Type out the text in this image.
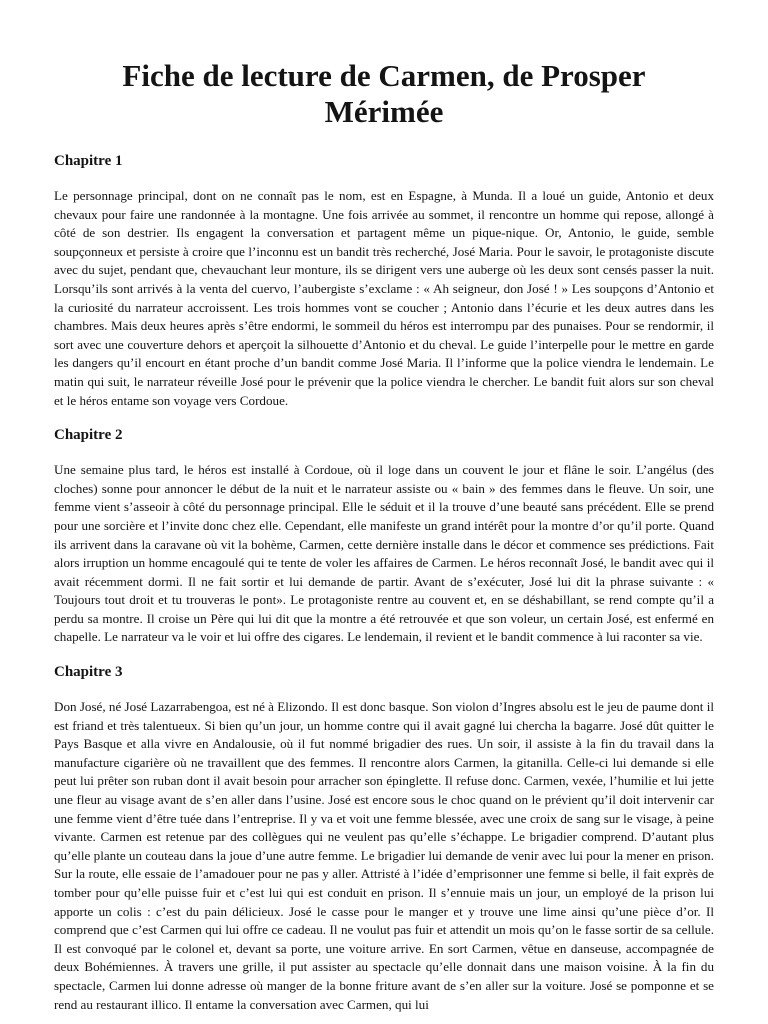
Fiche de lecture de Carmen, de Prosper Mérimée
Chapitre 1

Le personnage principal, dont on ne connaît pas le nom, est en Espagne, à Munda. Il a loué un guide, Antonio et deux chevaux pour faire une randonnée à la montagne. Une fois arrivée au sommet, il rencontre un homme qui repose, allongé à côté de son destrier. Ils engagent la conversation et partagent même un pique-nique. Or, Antonio, le guide, semble soupçonneux et persiste à croire que l’inconnu est un bandit très recherché, José Maria. Pour le savoir, le protagoniste discute avec du sujet, pendant que, chevauchant leur monture, ils se dirigent vers une auberge où les deux sont censés passer la nuit. Lorsqu’ils sont arrivés à la venta del cuervo, l’aubergiste s’exclame : « Ah seigneur, don José ! » Les soupçons d’Antonio et la curiosité du narrateur accroissent. Les trois hommes vont se coucher ; Antonio dans l’écurie et les deux autres dans les chambres. Mais deux heures après s’être endormi, le sommeil du héros est interrompu par des punaises. Pour se rendormir, il sort avec une couverture dehors et aperçoit la silhouette d’Antonio et du cheval. Le guide l’interpelle pour le mettre en garde les dangers qu’il encourt en étant proche d’un bandit comme José Maria. Il l’informe que la police viendra le lendemain. Le matin qui suit, le narrateur réveille José pour le prévenir que la police viendra le chercher. Le bandit fuit alors sur son cheval et le héros entame son voyage vers Cordoue.

Chapitre 2

Une semaine plus tard, le héros est installé à Cordoue, où il loge dans un couvent le jour et flâne le soir. L’angélus (des cloches) sonne pour annoncer le début de la nuit et le narrateur assiste ou « bain » des femmes dans le fleuve. Un soir, une femme vient s’asseoir à côté du personnage principal. Elle le séduit et il la trouve d’une beauté sans précédent. Elle se prend pour une sorcière et l’invite donc chez elle. Cependant, elle manifeste un grand intérêt pour la montre d’or qu’il porte. Quand ils arrivent dans la caravane où vit la bohème, Carmen, cette dernière installe dans le décor et commence ses prédictions. Fait alors irruption un homme encagoulé qui te tente de voler les affaires de Carmen. Le héros reconnaît José, le bandit avec qui il avait récemment dormi. Il ne fait sortir et lui demande de partir. Avant de s’exécuter, José lui dit la phrase suivante : « Toujours tout droit et tu trouveras le pont». Le protagoniste rentre au couvent et, en se déshabillant, se rend compte qu’il a perdu sa montre. Il croise un Père qui lui dit que la montre a été retrouvée et que son voleur, un certain José, est enfermé en chapelle. Le narrateur va le voir et lui offre des cigares. Le lendemain, il revient et le bandit commence à lui raconter sa vie.

Chapitre 3

Don José, né José Lazarrabengoa, est né à Elizondo. Il est donc basque. Son violon d’Ingres absolu est le jeu de paume dont il est friand et très talentueux. Si bien qu’un jour, un homme contre qui il avait gagné lui chercha la bagarre. José dût quitter le Pays Basque et alla vivre en Andalousie, où il fut nommé brigadier des rues. Un soir, il assiste à la fin du travail dans la manufacture cigarière où ne travaillent que des femmes. Il rencontre alors Carmen, la gitanilla. Celle-ci lui demande si elle peut lui prêter son ruban dont il avait besoin pour arracher son épinglette. Il refuse donc. Carmen, vexée, l’humilie et lui jette une fleur au visage avant de s’en aller dans l’usine. José est encore sous le choc quand on le prévient qu’il doit intervenir car une femme vient d’être tuée dans l’entreprise. Il y va et voit une femme blessée, avec une croix de sang sur le visage, à peine vivante. Carmen est retenue par des collègues qui ne veulent pas qu’elle s’échappe. Le brigadier comprend. D’autant plus qu’elle plante un couteau dans la joue d’une autre femme. Le brigadier lui demande de venir avec lui pour la mener en prison. Sur la route, elle essaie de l’amadouer pour ne pas y aller. Attristé à l’idée d’emprisonner une femme si belle, il fait exprès de tomber pour qu’elle puisse fuir et c’est lui qui est conduit en prison. Il s’ennuie mais un jour, un employé de la prison lui apporte un colis : c’est du pain délicieux. José le casse pour le manger et y trouve une lime ainsi qu’une pièce d’or. Il comprend que c’est Carmen qui lui offre ce cadeau. Il ne voulut pas fuir et attendit un mois qu’on le fasse sortir de sa cellule. Il est convoqué par le colonel et, devant sa porte, une voiture arrive. En sort Carmen, vêtue en danseuse, accompagnée de deux Bohémiennes. À travers une grille, il put assister au spectacle qu’elle donnait dans une maison voisine. À la fin du spectacle, Carmen lui donne adresse où manger de la bonne friture avant de s’en aller sur la voiture. José se pomponne et se rend au restaurant illico. Il entame la conversation avec Carmen, qui lui
